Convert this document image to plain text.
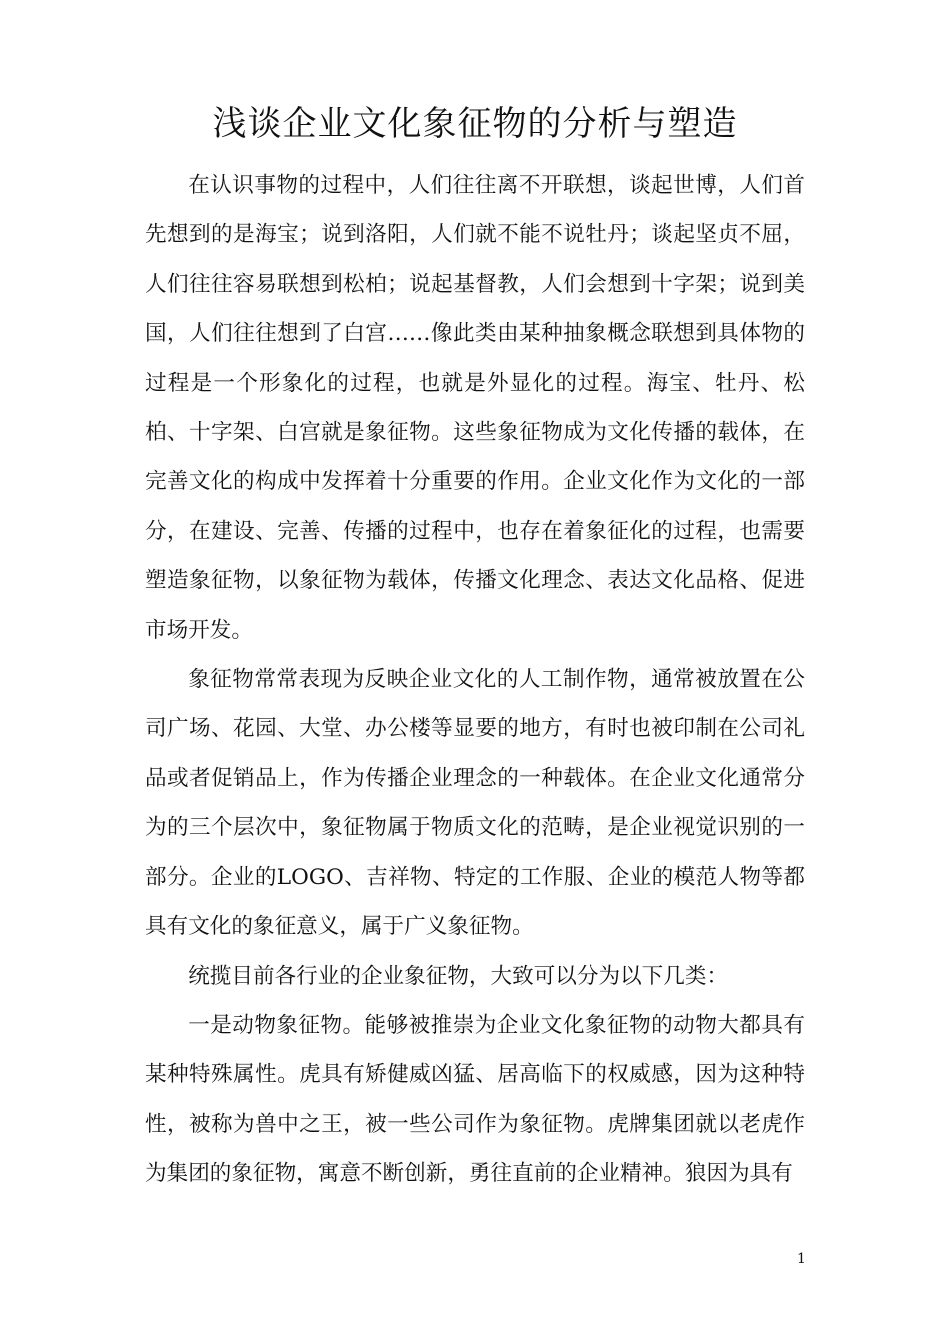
浅谈企业文化象征物的分析与塑造

在认识事物的过程中，人们往往离不开联想，谈起世博，人们首先想到的是海宝；说到洛阳，人们就不能不说牡丹；谈起坚贞不屈，人们往往容易联想到松柏；说起基督教，人们会想到十字架；说到美国，人们往往想到了白宫……像此类由某种抽象概念联想到具体物的过程是一个形象化的过程，也就是外显化的过程。海宝、牡丹、松柏、十字架、白宫就是象征物。这些象征物成为文化传播的载体，在完善文化的构成中发挥着十分重要的作用。企业文化作为文化的一部分，在建设、完善、传播的过程中，也存在着象征化的过程，也需要塑造象征物，以象征物为载体，传播文化理念、表达文化品格、促进市场开发。

象征物常常表现为反映企业文化的人工制作物，通常被放置在公司广场、花园、大堂、办公楼等显要的地方，有时也被印制在公司礼品或者促销品上，作为传播企业理念的一种载体。在企业文化通常分为的三个层次中，象征物属于物质文化的范畴，是企业视觉识别的一部分。企业的LOGO、吉祥物、特定的工作服、企业的模范人物等都具有文化的象征意义，属于广义象征物。

统揽目前各行业的企业象征物，大致可以分为以下几类：

一是动物象征物。能够被推崇为企业文化象征物的动物大都具有某种特殊属性。虎具有矫健威凶猛、居高临下的权威感，因为这种特性，被称为兽中之王，被一些公司作为象征物。虎牌集团就以老虎作为集团的象征物，寓意不断创新，勇往直前的企业精神。狼因为具有

1
